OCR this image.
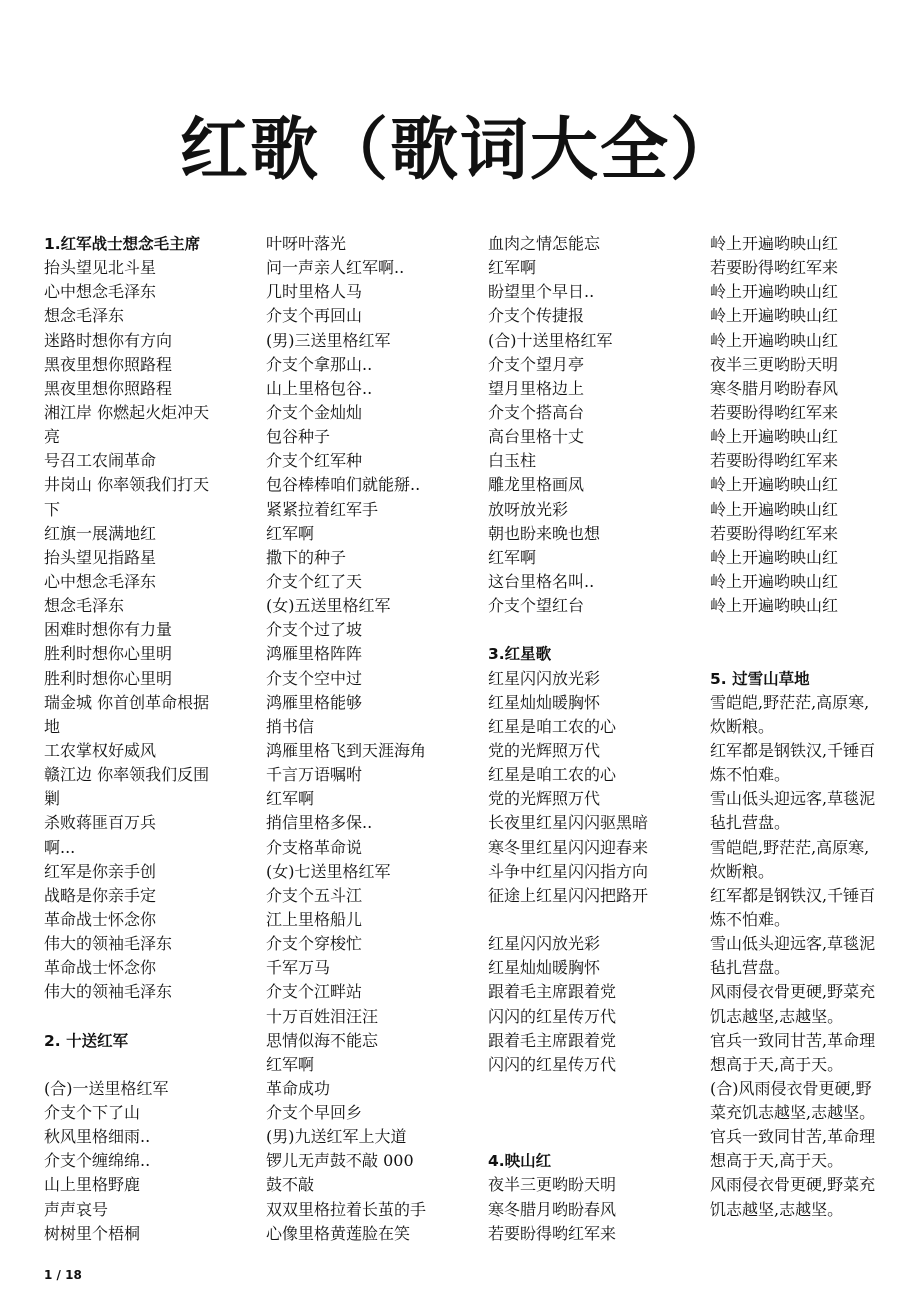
红歌（歌词大全）
1.红军战士想念毛主席
抬头望见北斗星
心中想念毛泽东
想念毛泽东
迷路时想你有方向
黑夜里想你照路程
黑夜里想你照路程
湘江岸 你燃起火炬冲天
亮
号召工农闹革命
井岗山 你率领我们打天
下
红旗一展满地红
抬头望见指路星
心中想念毛泽东
想念毛泽东
困难时想你有力量
胜利时想你心里明
胜利时想你心里明
瑞金城 你首创革命根据
地
工农掌权好威风
赣江边 你率领我们反围
剿
杀败蒋匪百万兵
啊...
红军是你亲手创
战略是你亲手定
革命战士怀念你
伟大的领袖毛泽东
革命战士怀念你
伟大的领袖毛泽东
2. 十送红军
(合)一送里格红军
介支个下了山
秋风里格细雨..
介支个缠绵绵..
山上里格野鹿
声声哀号
树树里个梧桐
叶呀叶落光
问一声亲人红军啊..
几时里格人马
介支个再回山
(男)三送里格红军
介支个拿那山..
山上里格包谷..
介支个金灿灿
包谷种子
介支个红军种
包谷棒棒咱们就能掰..
紧紧拉着红军手
红军啊
撒下的种子
介支个红了天
(女)五送里格红军
介支个过了坡
鸿雁里格阵阵
介支个空中过
鸿雁里格能够
捎书信
鸿雁里格飞到天涯海角
千言万语嘱咐
红军啊
捎信里格多保..
介支格革命说
(女)七送里格红军
介支个五斗江
江上里格船儿
介支个穿梭忙
千军万马
介支个江畔站
十万百姓泪汪汪
思情似海不能忘
红军啊
革命成功
介支个早回乡
(男)九送红军上大道
锣儿无声鼓不敲 000
鼓不敲
双双里格拉着长茧的手
心像里格黄莲脸在笑
血肉之情怎能忘
红军啊
盼望里个早日..
介支个传捷报
(合)十送里格红军
介支个望月亭
望月里格边上
介支个搭高台
高台里格十丈
白玉柱
雕龙里格画凤
放呀放光彩
朝也盼来晚也想
红军啊
这台里格名叫..
介支个望红台
3.红星歌
红星闪闪放光彩
红星灿灿暖胸怀
红星是咱工农的心
党的光辉照万代
红星是咱工农的心
党的光辉照万代
长夜里红星闪闪驱黑暗
寒冬里红星闪闪迎春来
斗争中红星闪闪指方向
征途上红星闪闪把路开
红星闪闪放光彩
红星灿灿暖胸怀
跟着毛主席跟着党
闪闪的红星传万代
跟着毛主席跟着党
闪闪的红星传万代
4.映山红
夜半三更哟盼天明
寒冬腊月哟盼春风
若要盼得哟红军来
岭上开遍哟映山红
若要盼得哟红军来
岭上开遍哟映山红
岭上开遍哟映山红
岭上开遍哟映山红
夜半三更哟盼天明
寒冬腊月哟盼春风
若要盼得哟红军来
岭上开遍哟映山红
若要盼得哟红军来
岭上开遍哟映山红
岭上开遍哟映山红
若要盼得哟红军来
岭上开遍哟映山红
岭上开遍哟映山红
岭上开遍哟映山红
5. 过雪山草地
雪皑皑,野茫茫,高原寒,
炊断粮。
红军都是钢铁汉,千锤百
炼不怕难。
雪山低头迎远客,草毯泥
毡扎营盘。
雪皑皑,野茫茫,高原寒,
炊断粮。
红军都是钢铁汉,千锤百
炼不怕难。
雪山低头迎远客,草毯泥
毡扎营盘。
风雨侵衣骨更硬,野菜充
饥志越坚,志越坚。
官兵一致同甘苦,革命理
想高于天,高于天。
(合)风雨侵衣骨更硬,野
菜充饥志越坚,志越坚。
官兵一致同甘苦,革命理
想高于天,高于天。
风雨侵衣骨更硬,野菜充
饥志越坚,志越坚。
1 / 18
